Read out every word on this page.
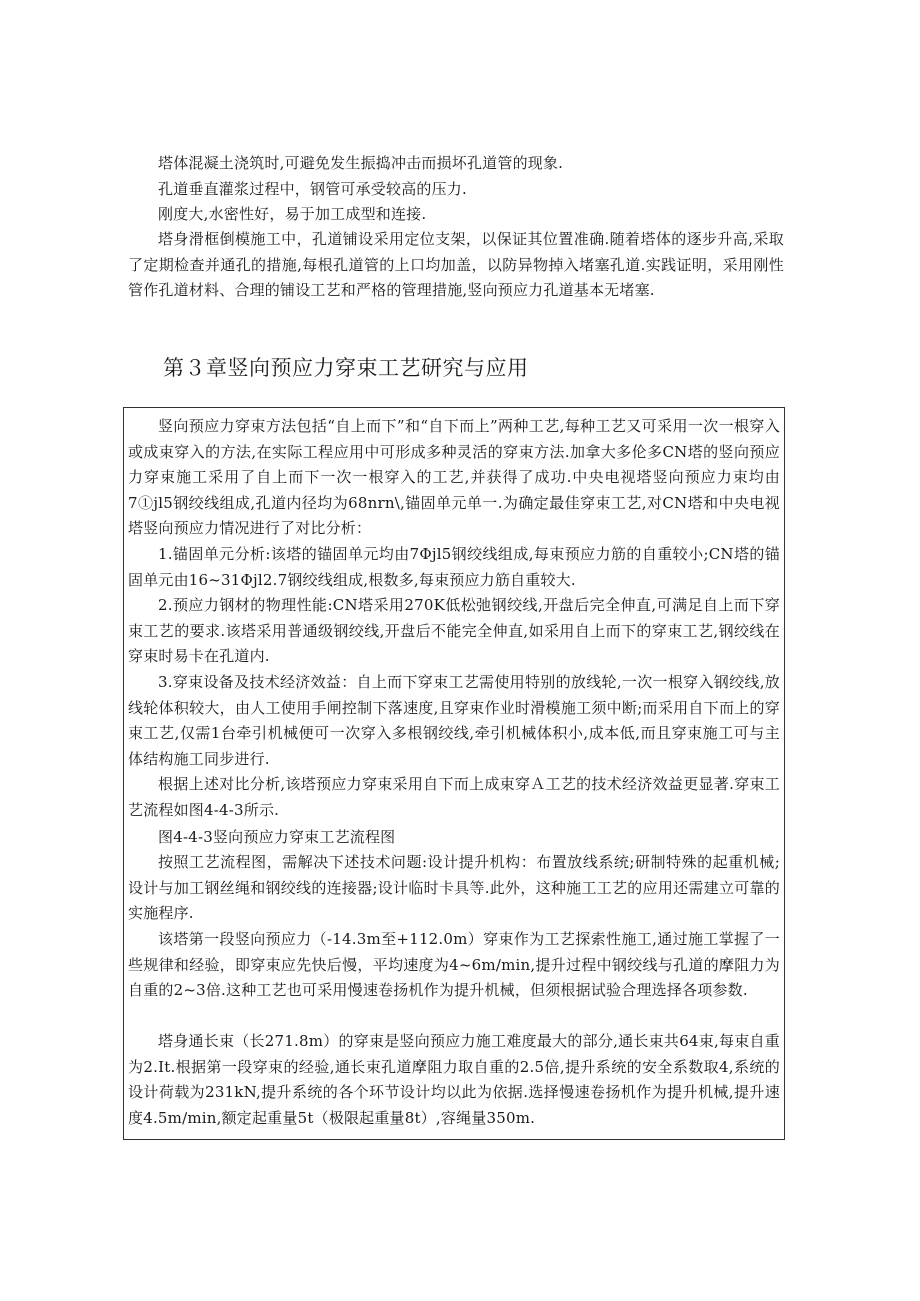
塔体混凝土浇筑时,可避免发生振捣冲击而损坏孔道管的现象.

孔道垂直灌浆过程中，钢管可承受较高的压力.

刚度大,水密性好，易于加工成型和连接.

塔身滑框倒模施工中，孔道铺设采用定位支架，以保证其位置准确.随着塔体的逐步升高,采取了定期检查并通孔的措施,每根孔道管的上口均加盖，以防异物掉入堵塞孔道.实践证明，采用刚性管作孔道材料、合理的铺设工艺和严格的管理措施,竖向预应力孔道基本无堵塞.

第３章竖向预应力穿束工艺研究与应用

竖向预应力穿束方法包括“自上而下”和“自下而上”两种工艺,每种工艺又可采用一次一根穿入或成束穿入的方法,在实际工程应用中可形成多种灵活的穿束方法.加拿大多伦多CN塔的竖向预应力穿束施工采用了自上而下一次一根穿入的工艺,并获得了成功.中央电视塔竖向预应力束均由7①jl5钢绞线组成,孔道内径均为68nrn\,锚固单元单一.为确定最佳穿束工艺,对CN塔和中央电视塔竖向预应力情况进行了对比分析：

1.锚固单元分析:该塔的锚固单元均由7Φjl5钢绞线组成,每束预应力筋的自重较小;CN塔的锚固单元由16~31Φjl2.7钢绞线组成,根数多,每束预应力筋自重较大.

2.预应力钢材的物理性能:CN塔采用270K低松弛钢绞线,开盘后完全伸直,可满足自上而下穿束工艺的要求.该塔采用普通级钢绞线,开盘后不能完全伸直,如采用自上而下的穿束工艺,钢绞线在穿束时易卡在孔道内.

3.穿束设备及技术经济效益：自上而下穿束工艺需使用特别的放线轮,一次一根穿入钢绞线,放线轮体积较大，由人工使用手闸控制下落速度,且穿束作业时滑模施工须中断;而采用自下而上的穿束工艺,仅需1台牵引机械便可一次穿入多根钢绞线,牵引机械体积小,成本低,而且穿束施工可与主体结构施工同步进行.

根据上述对比分析,该塔预应力穿束采用自下而上成束穿Ａ工艺的技术经济效益更显著.穿束工艺流程如图4-4-3所示.

图4-4-3竖向预应力穿束工艺流程图

按照工艺流程图，需解决下述技术问题:设计提升机构：布置放线系统;研制特殊的起重机械;设计与加工钢丝绳和钢绞线的连接器;设计临时卡具等.此外，这种施工工艺的应用还需建立可靠的实施程序.

该塔第一段竖向预应力（-14.3m至+112.0m）穿束作为工艺探索性施工,通过施工掌握了一些规律和经验，即穿束应先快后慢，平均速度为4~6m∕min,提升过程中钢绞线与孔道的摩阻力为自重的2~3倍.这种工艺也可采用慢速卷扬机作为提升机械，但须根据试验合理选择各项参数.

塔身通长束（长271.8m）的穿束是竖向预应力施工难度最大的部分,通长束共64束,每束自重为2.It.根据第一段穿束的经验,通长束孔道摩阻力取自重的2.5倍,提升系统的安全系数取4,系统的设计荷载为231kN,提升系统的各个环节设计均以此为依据.选择慢速卷扬机作为提升机械,提升速度4.5m∕min,额定起重量5t（极限起重量8t）,容绳量350m.
